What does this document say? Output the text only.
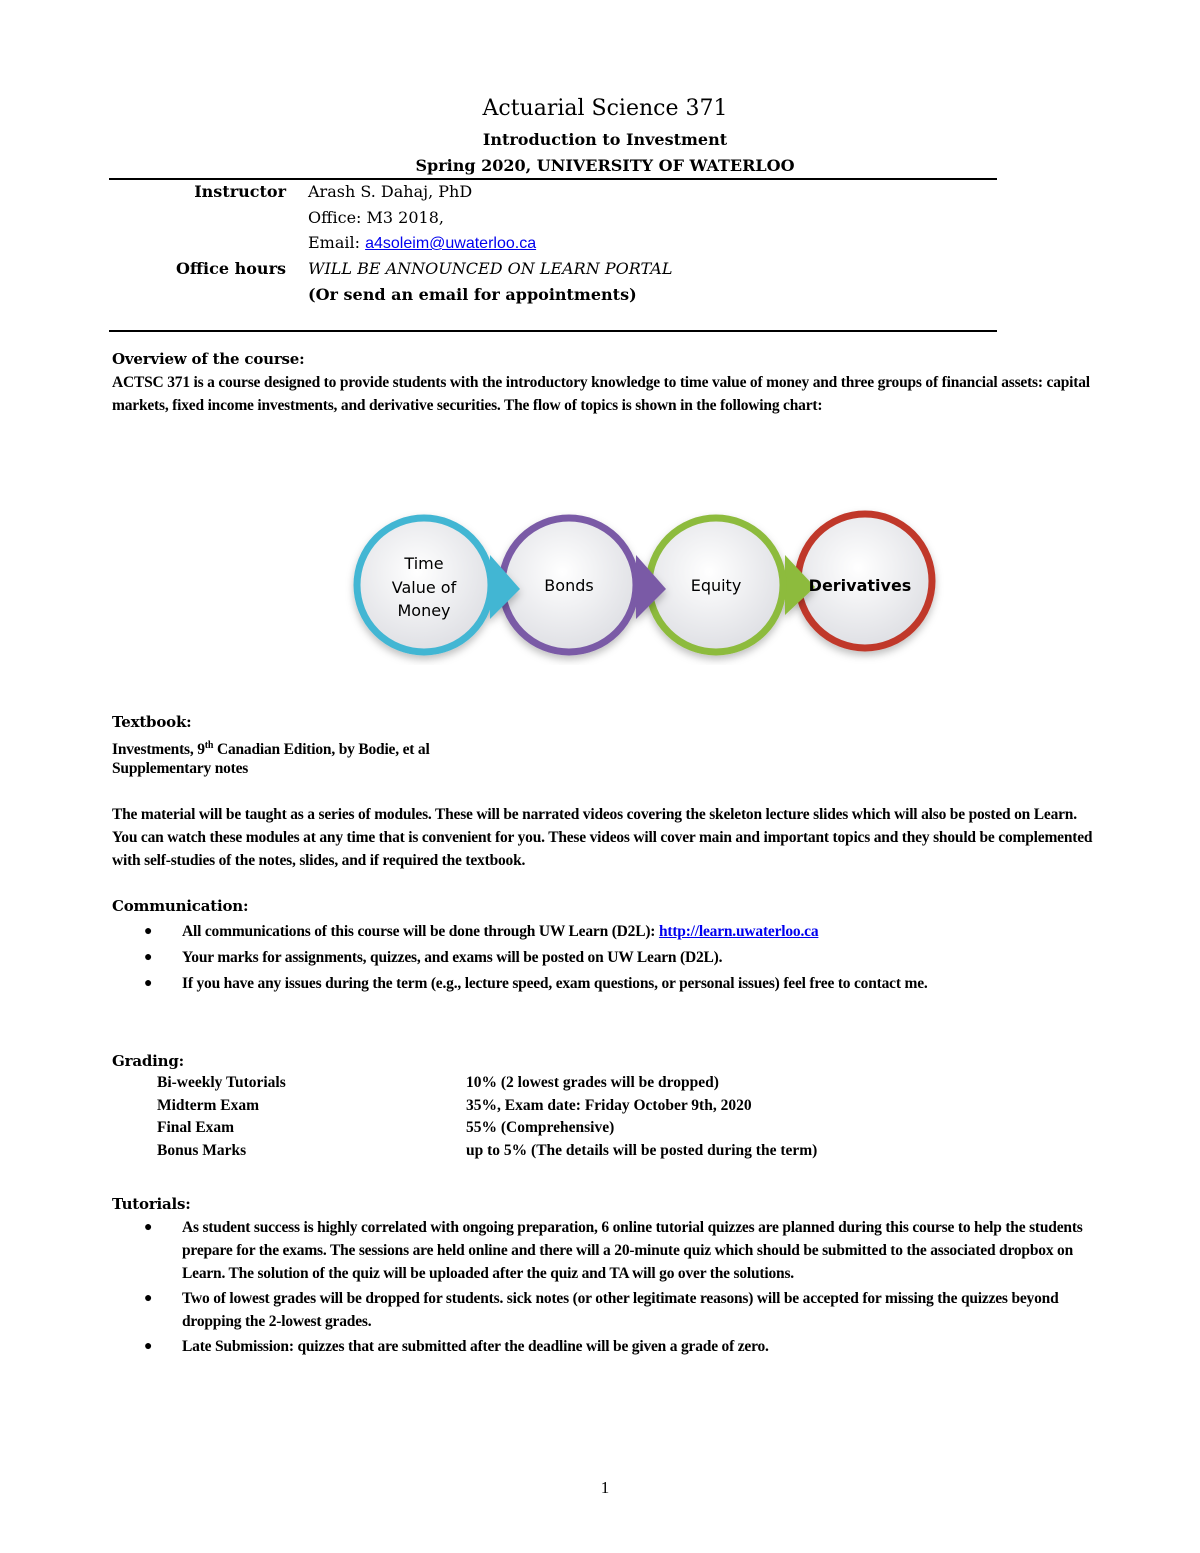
Actuarial Science 371
Introduction to Investment
Spring 2020, UNIVERSITY OF WATERLOO
Instructor Arash S. Dahaj, PhD
Office: M3 2018,
Email: a4soleim@uwaterloo.ca
Office hours WILL BE ANNOUNCED ON LEARN PORTAL
(Or send an email for appointments)
Overview of the course:
ACTSC 371 is a course designed to provide students with the introductory knowledge to time value of money and three groups of financial assets: capital markets, fixed income investments, and derivative securities. The flow of topics is shown in the following chart:
Time
Value of
Money
Bonds	Equity	Derivatives
Textbook:
Investments, 9th Canadian Edition, by Bodie, et al
Supplementary notes
The material will be taught as a series of modules. These will be narrated videos covering the skeleton lecture slides which will also be posted on Learn. You can watch these modules at any time that is convenient for you. These videos will cover main and important topics and they should be complemented with self-studies of the notes, slides, and if required the textbook.
Communication:
● All communications of this course will be done through UW Learn (D2L): http://learn.uwaterloo.ca
● Your marks for assignments, quizzes, and exams will be posted on UW Learn (D2L).
● If you have any issues during the term (e.g., lecture speed, exam questions, or personal issues) feel free to contact me.
Grading:
Bi-weekly Tutorials	10% (2 lowest grades will be dropped)
Midterm Exam	35%, Exam date: Friday October 9th, 2020
Final Exam	55% (Comprehensive)
Bonus Marks	up to 5% (The details will be posted during the term)
Tutorials:
● As student success is highly correlated with ongoing preparation, 6 online tutorial quizzes are planned during this course to help the students prepare for the exams. The sessions are held online and there will a 20-minute quiz which should be submitted to the associated dropbox on Learn. The solution of the quiz will be uploaded after the quiz and TA will go over the solutions.
● Two of lowest grades will be dropped for students. sick notes (or other legitimate reasons) will be accepted for missing the quizzes beyond dropping the 2-lowest grades.
● Late Submission: quizzes that are submitted after the deadline will be given a grade of zero.
1
